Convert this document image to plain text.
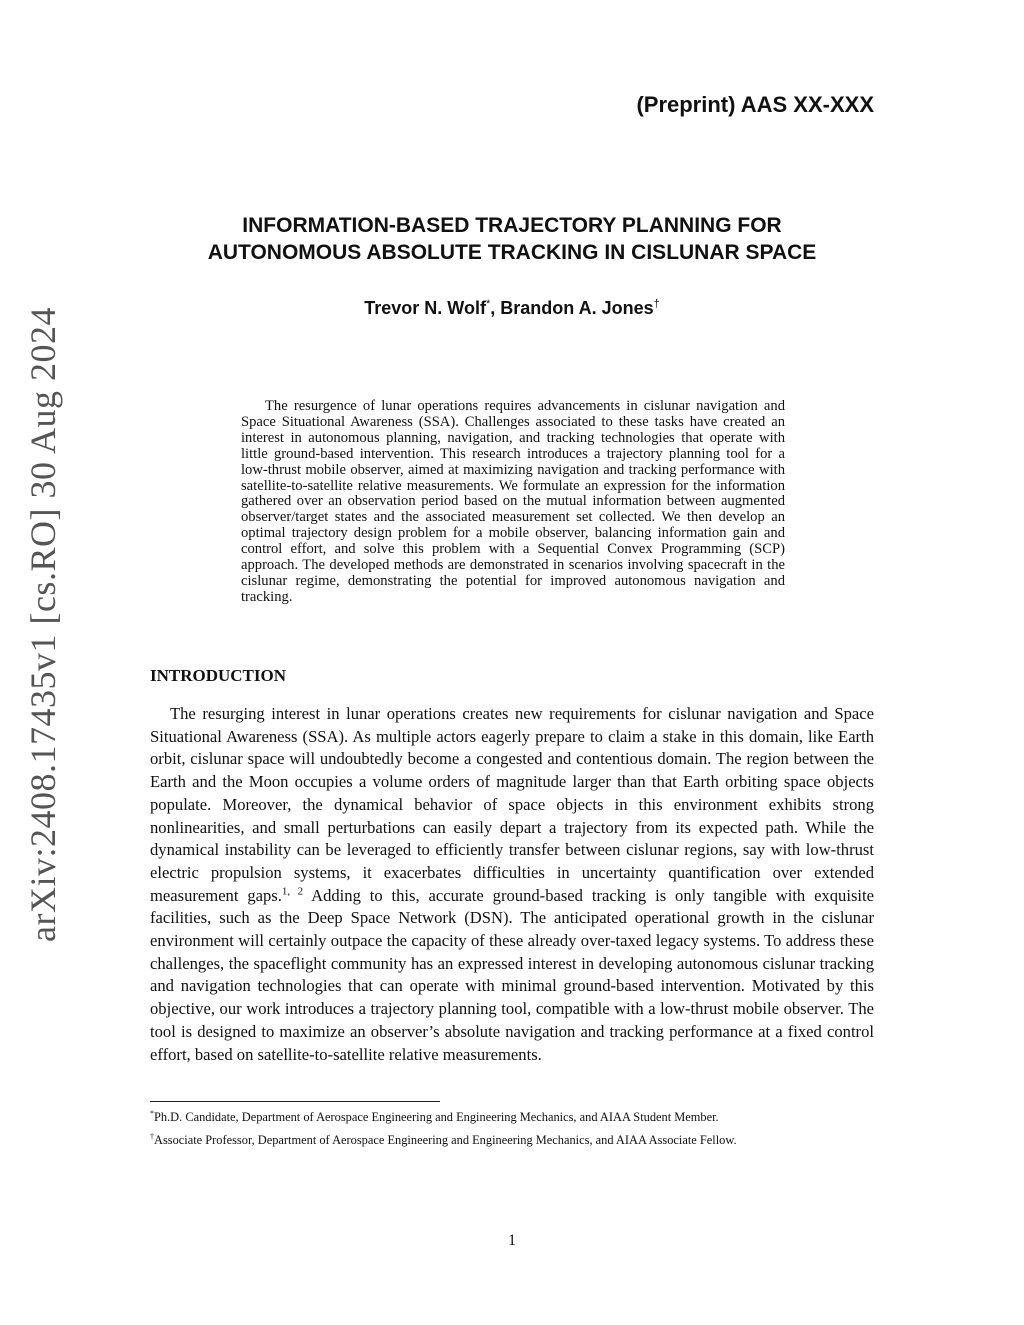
(Preprint) AAS XX-XXX
arXiv:2408.17435v1 [cs.RO] 30 Aug 2024
INFORMATION-BASED TRAJECTORY PLANNING FOR
AUTONOMOUS ABSOLUTE TRACKING IN CISLUNAR SPACE
Trevor N. Wolf*, Brandon A. Jones†
The resurgence of lunar operations requires advancements in cislunar navigation and Space Situational Awareness (SSA). Challenges associated to these tasks have created an interest in autonomous planning, navigation, and tracking technologies that operate with little ground-based intervention. This research introduces a trajectory planning tool for a low-thrust mobile observer, aimed at maximizing navigation and tracking performance with satellite-to-satellite relative measurements. We formulate an expression for the information gathered over an observation period based on the mutual information between augmented observer/target states and the associated measurement set collected. We then develop an optimal trajectory design problem for a mobile observer, balancing information gain and control effort, and solve this problem with a Sequential Convex Programming (SCP) approach. The developed methods are demonstrated in scenarios involving spacecraft in the cislunar regime, demonstrating the potential for improved autonomous navigation and tracking.
INTRODUCTION
The resurging interest in lunar operations creates new requirements for cislunar navigation and Space Situational Awareness (SSA). As multiple actors eagerly prepare to claim a stake in this domain, like Earth orbit, cislunar space will undoubtedly become a congested and contentious domain. The region between the Earth and the Moon occupies a volume orders of magnitude larger than that Earth orbiting space objects populate. Moreover, the dynamical behavior of space objects in this environment exhibits strong nonlinearities, and small perturbations can easily depart a trajectory from its expected path. While the dynamical instability can be leveraged to efficiently transfer between cislunar regions, say with low-thrust electric propulsion systems, it exacerbates difficulties in uncertainty quantification over extended measurement gaps.$^{1, 2}$ Adding to this, accurate ground-based tracking is only tangible with exquisite facilities, such as the Deep Space Network (DSN). The anticipated operational growth in the cislunar environment will certainly outpace the capacity of these already over-taxed legacy systems. To address these challenges, the spaceflight community has an expressed interest in developing autonomous cislunar tracking and navigation technologies that can operate with minimal ground-based intervention. Motivated by this objective, our work introduces a trajectory planning tool, compatible with a low-thrust mobile observer. The tool is designed to maximize an observer’s absolute navigation and tracking performance at a fixed control effort, based on satellite-to-satellite relative measurements.
*Ph.D. Candidate, Department of Aerospace Engineering and Engineering Mechanics, and AIAA Student Member.
†Associate Professor, Department of Aerospace Engineering and Engineering Mechanics, and AIAA Associate Fellow.
1
